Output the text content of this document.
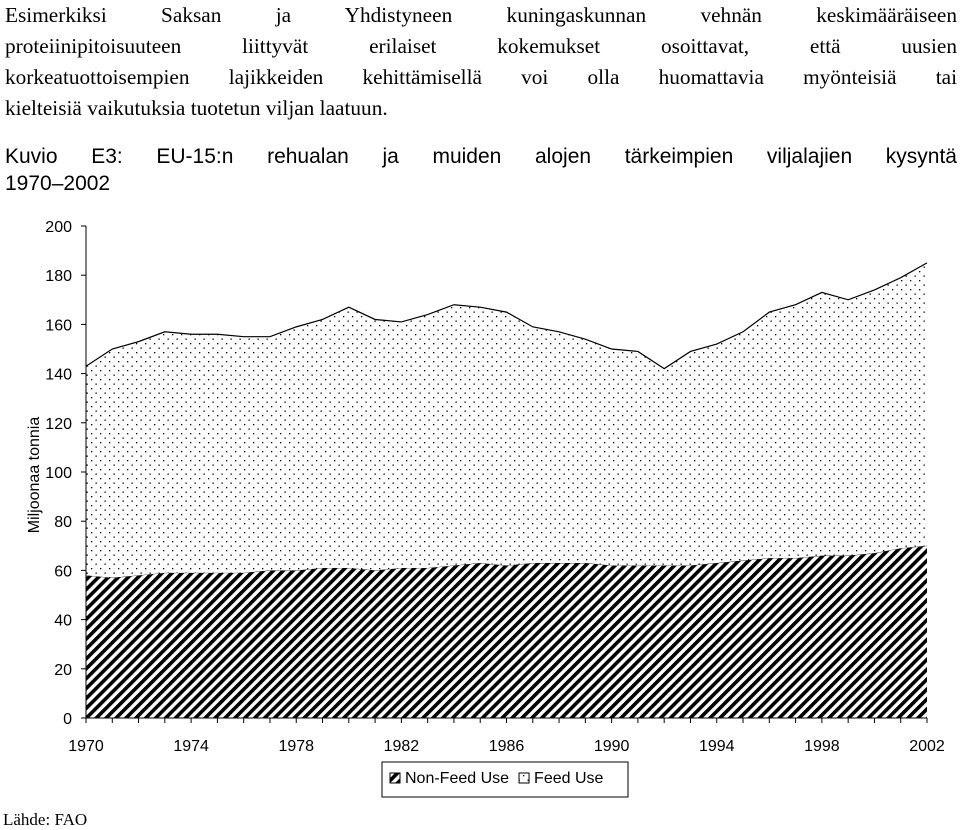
Esimerkiksi Saksan ja Yhdistyneen kuningaskunnan vehnän keskimääräiseen
proteiinipitoisuuteen liittyvät erilaiset kokemukset osoittavat, että uusien
korkeatuottoisempien lajikkeiden kehittämisellä voi olla huomattavia myönteisiä tai
kielteisiä vaikutuksia tuotetun viljan laatuun.
Kuvio E3: EU-15:n rehualan ja muiden alojen tärkeimpien viljalajien kysyntä
1970–2002
0
20
40
60
80
100
120
140
160
180
200
1970	1974	1978	1982	1986	1990	1994	1998	2002
Miljoonaa tonnia
Non-Feed Use Feed Use
Lähde: FAO
